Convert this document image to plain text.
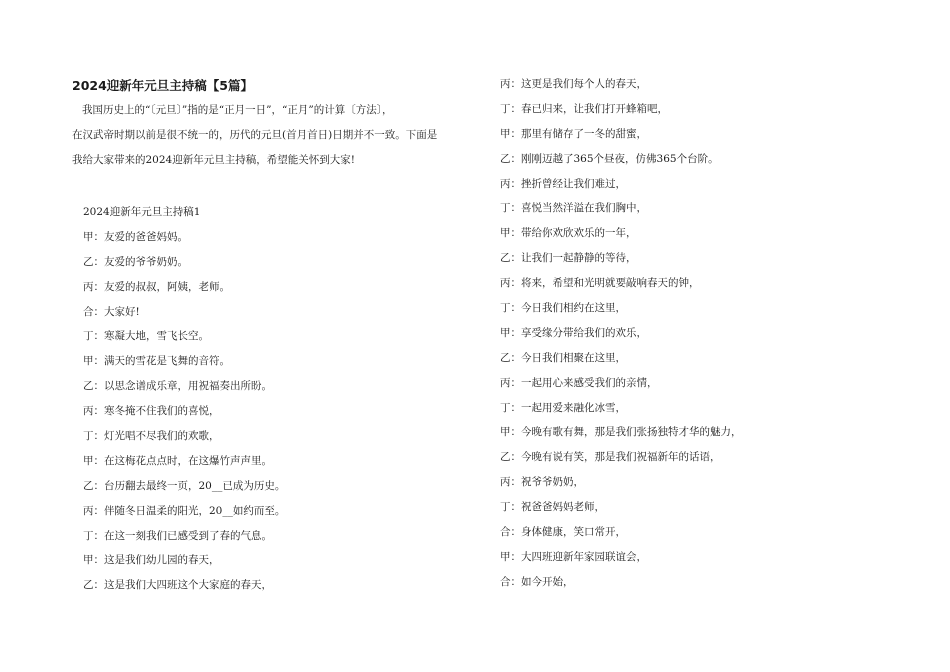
2024迎新年元旦主持稿【5篇】
我国历史上的“〔元旦〕”指的是“正月一日”，“正月”的计算〔方法〕，
在汉武帝时期以前是很不统一的，历代的元旦(首月首日)日期并不一致。下面是
我给大家带来的2024迎新年元旦主持稿，希望能关怀到大家!
2024迎新年元旦主持稿1
甲：友爱的爸爸妈妈。
乙：友爱的爷爷奶奶。
丙：友爱的叔叔，阿姨，老师。
合：大家好!
丁：寒凝大地，雪飞长空。
甲：满天的雪花是飞舞的音符。
乙：以思念谱成乐章，用祝福奏出所盼。
丙：寒冬掩不住我们的喜悦，
丁：灯光唱不尽我们的欢歌，
甲：在这梅花点点时，在这爆竹声声里。
乙：台历翻去最终一页，20__已成为历史。
丙：伴随冬日温柔的阳光，20__如约而至。
丁：在这一刻我们已感受到了春的气息。
甲：这是我们幼儿园的春天，
乙：这是我们大四班这个大家庭的春天，
丙：这更是我们每个人的春天，
丁：春已归来，让我们打开蜂箱吧，
甲：那里有储存了一冬的甜蜜，
乙：刚刚迈越了365个昼夜，仿佛365个台阶。
丙：挫折曾经让我们难过，
丁：喜悦当然洋溢在我们胸中，
甲：带给你欢欣欢乐的一年，
乙：让我们一起静静的等待，
丙：将来，希望和光明就要敲响春天的钟，
丁：今日我们相约在这里，
甲：享受缘分带给我们的欢乐，
乙：今日我们相聚在这里，
丙：一起用心来感受我们的亲情，
丁：一起用爱来融化冰雪，
甲：今晚有歌有舞，那是我们张扬独特才华的魅力，
乙：今晚有说有笑，那是我们祝福新年的话语，
丙：祝爷爷奶奶，
丁：祝爸爸妈妈老师，
合：身体健康，笑口常开，
甲：大四班迎新年家园联谊会，
合：如今开始，
